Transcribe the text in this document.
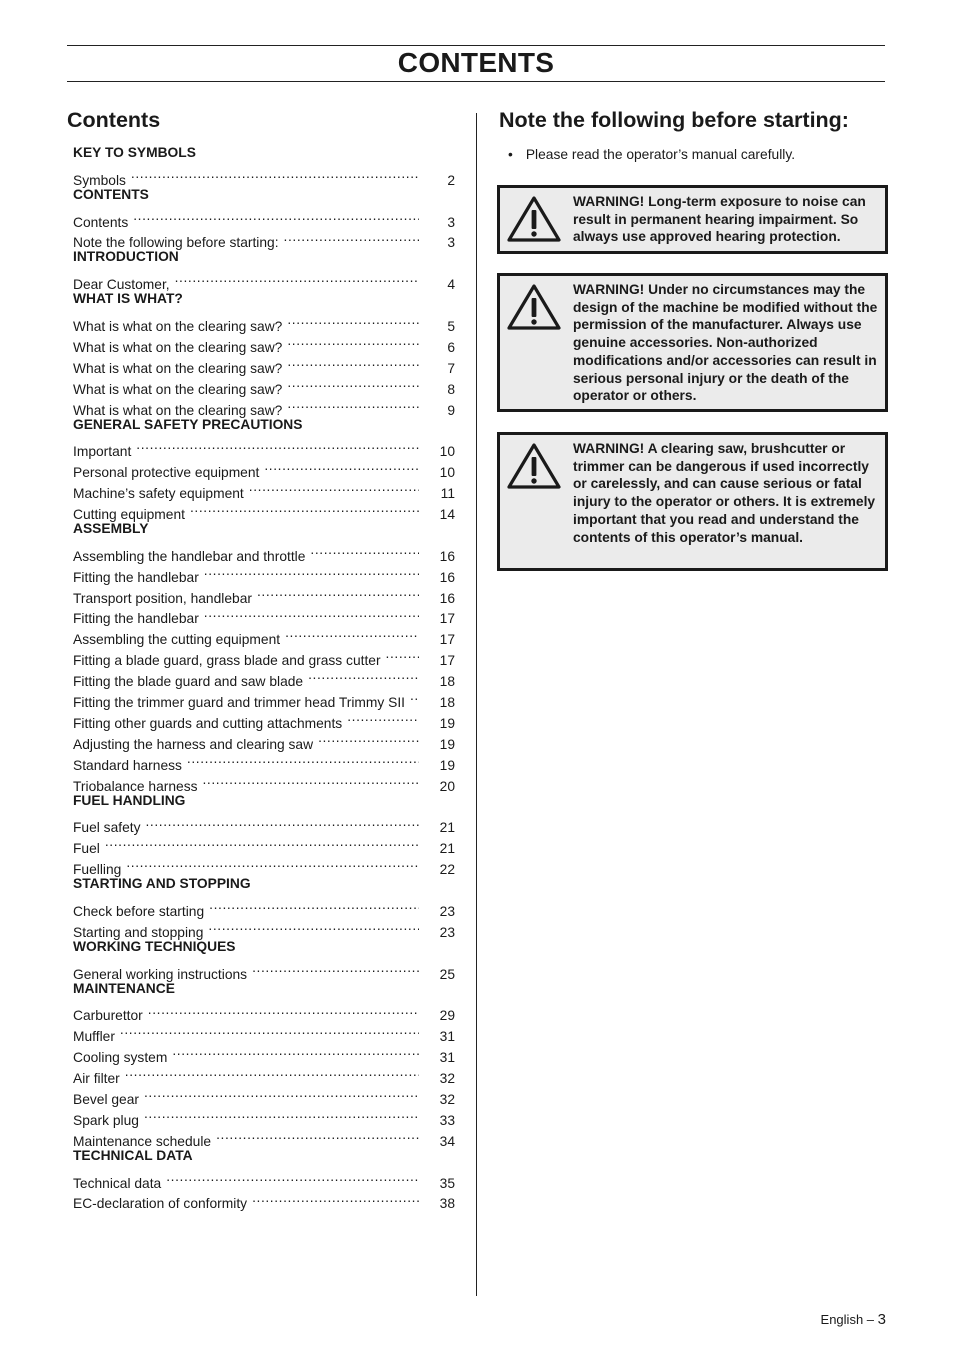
CONTENTS
Contents
KEY TO SYMBOLS
Symbols .....	2
CONTENTS
Contents .....	3
Note the following before starting: .....	3
INTRODUCTION
Dear Customer, .....	4
WHAT IS WHAT?
What is what on the clearing saw? .....	5
What is what on the clearing saw? .....	6
What is what on the clearing saw? .....	7
What is what on the clearing saw? .....	8
What is what on the clearing saw? .....	9
GENERAL SAFETY PRECAUTIONS
Important .....	10
Personal protective equipment .....	10
Machine’s safety equipment .....	11
Cutting equipment .....	14
ASSEMBLY
Assembling the handlebar and throttle .....	16
Fitting the handlebar .....	16
Transport position, handlebar .....	16
Fitting the handlebar .....	17
Assembling the cutting equipment .....	17
Fitting a blade guard, grass blade and grass cutter .....	17
Fitting the blade guard and saw blade .....	18
Fitting the trimmer guard and trimmer head Trimmy SII .....	18
Fitting other guards and cutting attachments .....	19
Adjusting the harness and clearing saw .....	19
Standard harness .....	19
Triobalance harness .....	20
FUEL HANDLING
Fuel safety .....	21
Fuel .....	21
Fuelling .....	22
STARTING AND STOPPING
Check before starting .....	23
Starting and stopping .....	23
WORKING TECHNIQUES
General working instructions .....	25
MAINTENANCE
Carburettor .....	29
Muffler .....	31
Cooling system .....	31
Air filter .....	32
Bevel gear .....	32
Spark plug .....	33
Maintenance schedule .....	34
TECHNICAL DATA
Technical data .....	35
EC-declaration of conformity .....	38
Note the following before starting:
• Please read the operator’s manual carefully.
WARNING! Long-term exposure to noise can result in permanent hearing impairment. So always use approved hearing protection.
WARNING! Under no circumstances may the design of the machine be modified without the permission of the manufacturer. Always use genuine accessories. Non-authorized modifications and/or accessories can result in serious personal injury or the death of the operator or others.
WARNING! A clearing saw, brushcutter or trimmer can be dangerous if used incorrectly or carelessly, and can cause serious or fatal injury to the operator or others. It is extremely important that you read and understand the contents of this operator’s manual.
English – 3
